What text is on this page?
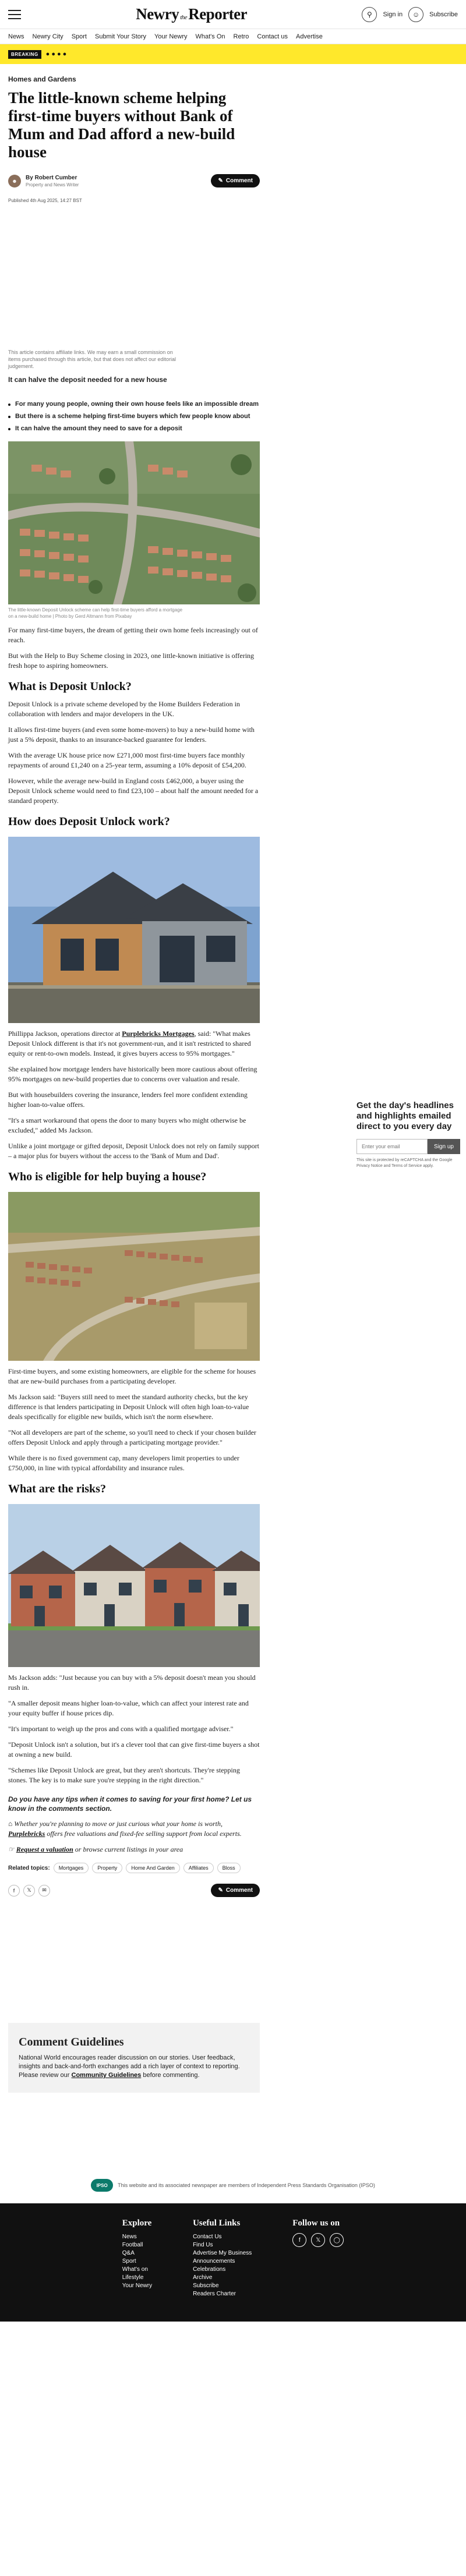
Newry theReporter	⚲	Sign in	☺	Subscribe
News Newry City Sport Submit Your Story Your Newry What's On Retro Contact us Advertise
BREAKING	●●●●
Homes and Gardens
The little-known scheme helping first-time buyers without Bank of Mum and Dad afford a new-build house
☻	By Robert Cumber
Property and News Writer
✎ Comment
Published 4th Aug 2025, 14:27 BST
This article contains affiliate links. We may earn a small commission on items purchased through this article, but that does not affect our editorial judgement.
It can halve the deposit needed for a new house
For many young people, owning their own house feels like an impossible dream
But there is a scheme helping first-time buyers which few people know about
It can halve the amount they need to save for a deposit
The little-known Deposit Unlock scheme can help first-time buyers afford a mortgage on a new-build home | Photo by Gerd Altmann from Pixabay

For many first-time buyers, the dream of getting their own home feels increasingly out of reach.

But with the Help to Buy Scheme closing in 2023, one little-known initiative is offering fresh hope to aspiring homeowners.

What is Deposit Unlock?

Deposit Unlock is a private scheme developed by the Home Builders Federation in collaboration with lenders and major developers in the UK.

It allows first-time buyers (and even some home-movers) to buy a new-build home with just a 5% deposit, thanks to an insurance-backed guarantee for lenders.

With the average UK house price now £271,000 most first-time buyers face monthly repayments of around £1,240 on a 25-year term, assuming a 10% deposit of £54,200.

However, while the average new-build in England costs £462,000, a buyer using the Deposit Unlock scheme would need to find £23,100 – about half the amount needed for a standard property.

How does Deposit Unlock work?

Phillippa Jackson, operations director at Purplebricks Mortgages, said: "What makes Deposit Unlock different is that it's not government-run, and it isn't restricted to shared equity or rent-to-own models. Instead, it gives buyers access to 95% mortgages."

She explained how mortgage lenders have historically been more cautious about offering 95% mortgages on new-build properties due to concerns over valuation and resale.

But with housebuilders covering the insurance, lenders feel more confident extending higher loan-to-value offers.

"It's a smart workaround that opens the door to many buyers who might otherwise be excluded," added Ms Jackson.

Unlike a joint mortgage or gifted deposit, Deposit Unlock does not rely on family support – a major plus for buyers without the access to the 'Bank of Mum and Dad'.

Who is eligible for help buying a house?

First-time buyers, and some existing homeowners, are eligible for the scheme for houses that are new-build purchases from a participating developer.

Ms Jackson said: "Buyers still need to meet the standard authority checks, but the key difference is that lenders participating in Deposit Unlock will often high loan-to-value deals specifically for eligible new builds, which isn't the norm elsewhere.

"Not all developers are part of the scheme, so you'll need to check if your chosen builder offers Deposit Unlock and apply through a participating mortgage provider."

While there is no fixed government cap, many developers limit properties to under £750,000, in line with typical affordability and insurance rules.

What are the risks?

Ms Jackson adds: "Just because you can buy with a 5% deposit doesn't mean you should rush in.

"A smaller deposit means higher loan-to-value, which can affect your interest rate and your equity buffer if house prices dip.

"It's important to weigh up the pros and cons with a qualified mortgage adviser."

"Deposit Unlock isn't a solution, but it's a clever tool that can give first-time buyers a shot at owning a new build.

"Schemes like Deposit Unlock are great, but they aren't shortcuts. They're stepping stones. The key is to make sure you're stepping in the right direction."

Do you have any tips when it comes to saving for your first home? Let us know in the comments section.

⌂ Whether you're planning to move or just curious what your home is worth, Purplebricks offers free valuations and fixed-fee selling support from local experts.

☞ Request a valuation or browse current listings in your area

Related topics:	Mortgages	Property	Home And Garden	Affiliates	Bloss
f	𝕏	✉	✎ Comment
Comment Guidelines

National World encourages reader discussion on our stories. User feedback, insights and back-and-forth exchanges add a rich layer of context to reporting. Please review our Community Guidelines before commenting.

Get the day's headlines and highlights emailed direct to you every day
Enter your email
Sign up
This site is protected by reCAPTCHA and the Google Privacy Notice and Terms of Service apply.
IPSO	This website and its associated newspaper are members of Independent Press Standards Organisation (IPSO)
Explore
News
Football
Q&A
Sport
What's on
Lifestyle
Your Newry
Useful Links
Contact Us
Find Us
Advertise My Business
Announcements
Celebrations
Archive
Subscribe
Readers Charter
Follow us on
f	𝕏	◯
